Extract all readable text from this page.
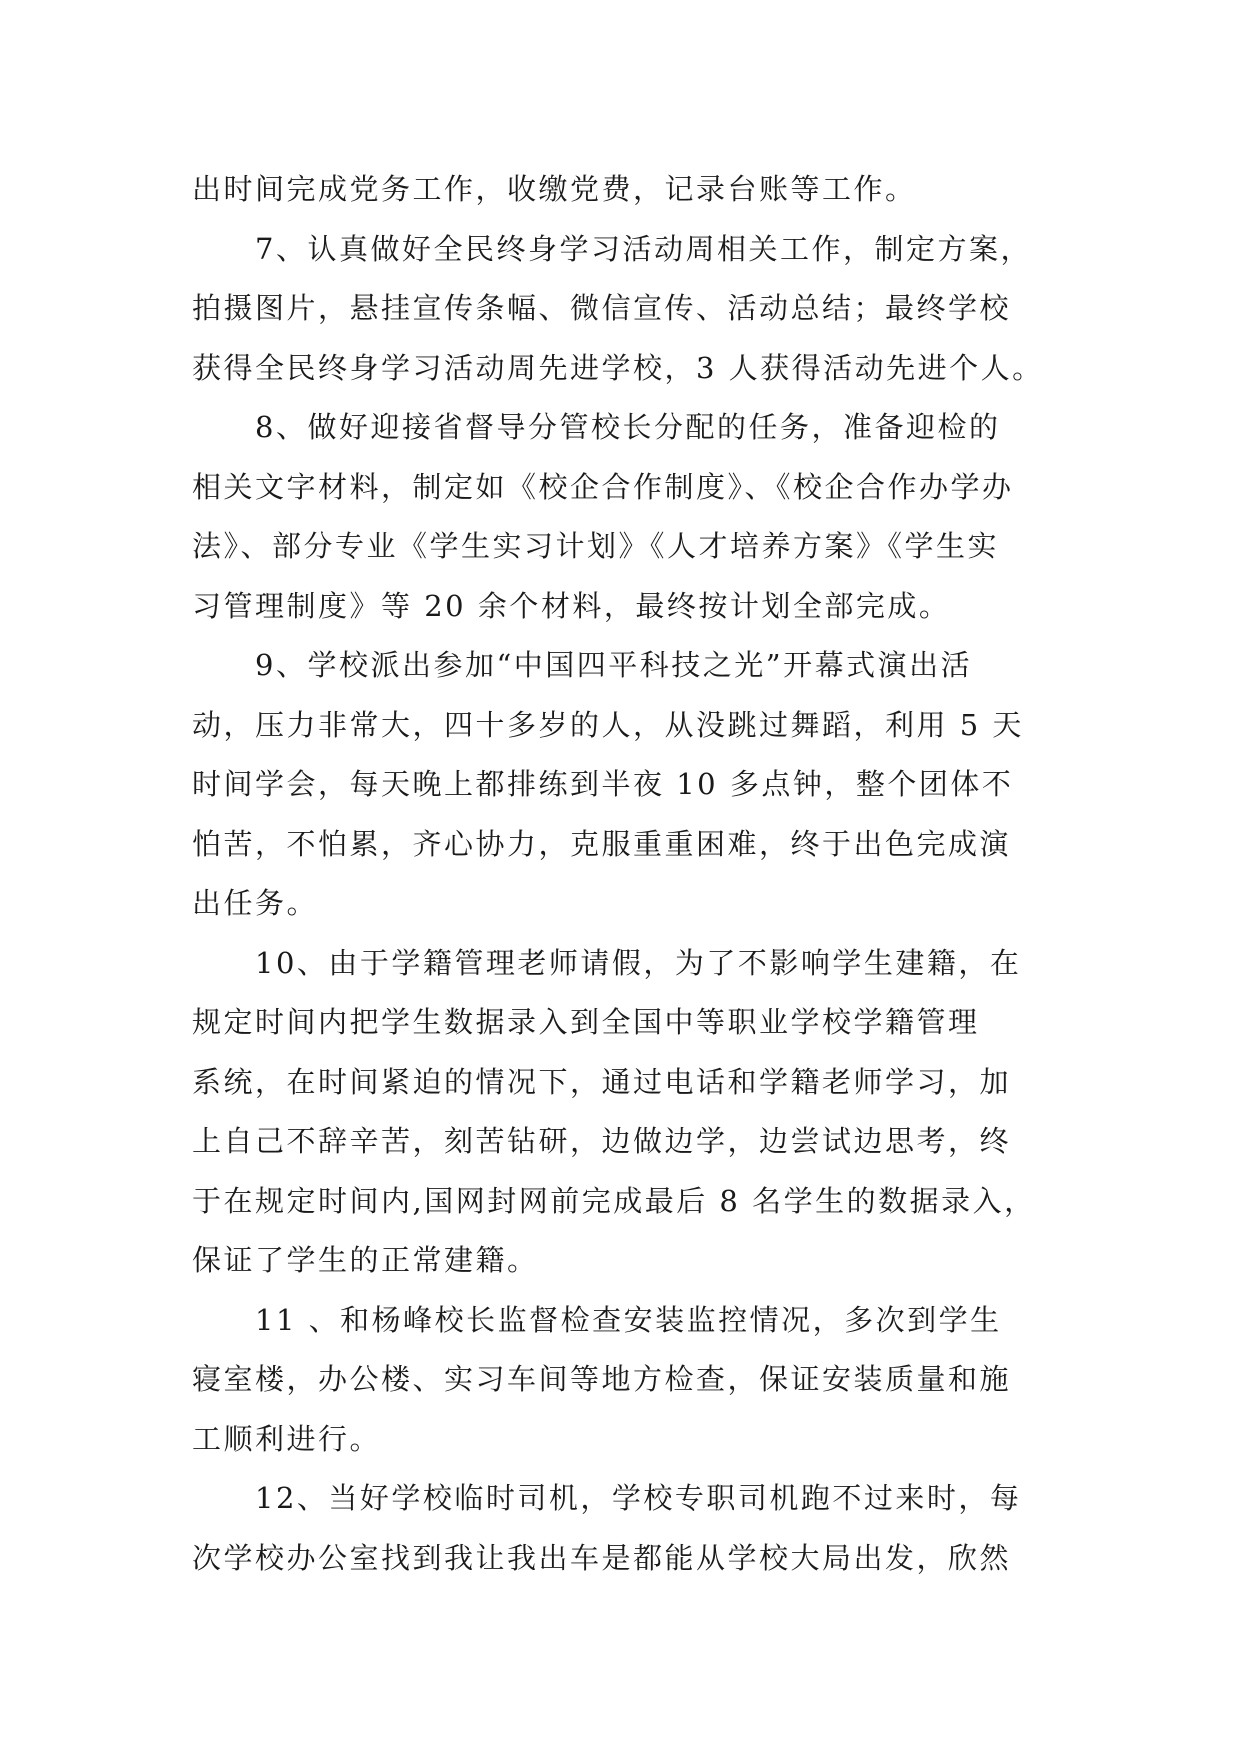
出时间完成党务工作，收缴党费，记录台账等工作。

　　7、认真做好全民终身学习活动周相关工作，制定方案，
拍摄图片，悬挂宣传条幅、微信宣传、活动总结；最终学校
获得全民终身学习活动周先进学校，3 人获得活动先进个人。

　　8、做好迎接省督导分管校长分配的任务，准备迎检的
相关文字材料，制定如《校企合作制度》、《校企合作办学办
法》、部分专业《学生实习计划》《人才培养方案》《学生实
习管理制度》等 20 余个材料，最终按计划全部完成。

　　9、学校派出参加“中国四平科技之光”开幕式演出活
动，压力非常大，四十多岁的人，从没跳过舞蹈，利用 5 天
时间学会，每天晚上都排练到半夜 10 多点钟，整个团体不
怕苦，不怕累，齐心协力，克服重重困难，终于出色完成演
出任务。

　　10、由于学籍管理老师请假，为了不影响学生建籍，在
规定时间内把学生数据录入到全国中等职业学校学籍管理
系统，在时间紧迫的情况下，通过电话和学籍老师学习，加
上自己不辞辛苦，刻苦钻研，边做边学，边尝试边思考，终
于在规定时间内,国网封网前完成最后 8 名学生的数据录入，
保证了学生的正常建籍。

　　11 、和杨峰校长监督检查安装监控情况，多次到学生
寝室楼，办公楼、实习车间等地方检查，保证安装质量和施
工顺利进行。

　　12、当好学校临时司机，学校专职司机跑不过来时，每
次学校办公室找到我让我出车是都能从学校大局出发，欣然
